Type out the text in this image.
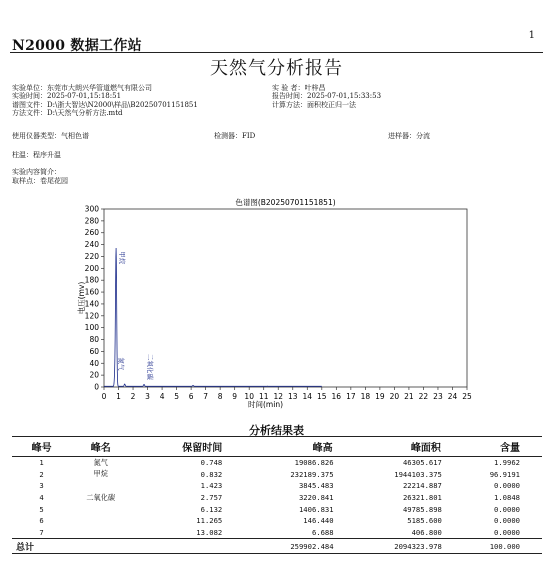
N2000 数据工作站
1
天然气分析报告
实验单位：东莞市大朗兴华管道燃气有限公司
实验时间：2025-07-01,15:18:51
谱图文件：D:\浙大智达\N2000\样品\B20250701151851
方法文件：D:\天然气分析方法.mtd
实 验 者：叶梓昌
报告时间：2025-07-01,15:33:53
计算方法：面积校正归一法
使用仪器类型：气相色谱	检测器：FID	进样器：分流
柱温：程序升温
实验内容简介：
取样点：卷尾花园
色谱图(B20250701151851)
0
20
40
60
80
100
120
140
160
180
200
220
240
260
280
300
0 1 2 3 4 5 6 7 8 9 10 11 12 13 14 15 16 17 18 19 20 21 22 23 24 25
时间(min)
电压(mv)
氮气
甲烷
二氧化碳
分析结果表
峰号	峰名	保留时间	峰高	峰面积	含量
1	氮气	0.748	19086.826	46305.617	1.9962
2	甲烷	0.832	232189.375	1944103.375	96.9191
3		1.423	3845.483	22214.887	0.0000
4	二氧化碳	2.757	3220.841	26321.801	1.0848
5		6.132	1406.831	49785.898	0.0000
6		11.265	146.440	5185.600	0.0000
7		13.082	6.688	406.800	0.0000
总计			259902.484	2094323.978	100.000
